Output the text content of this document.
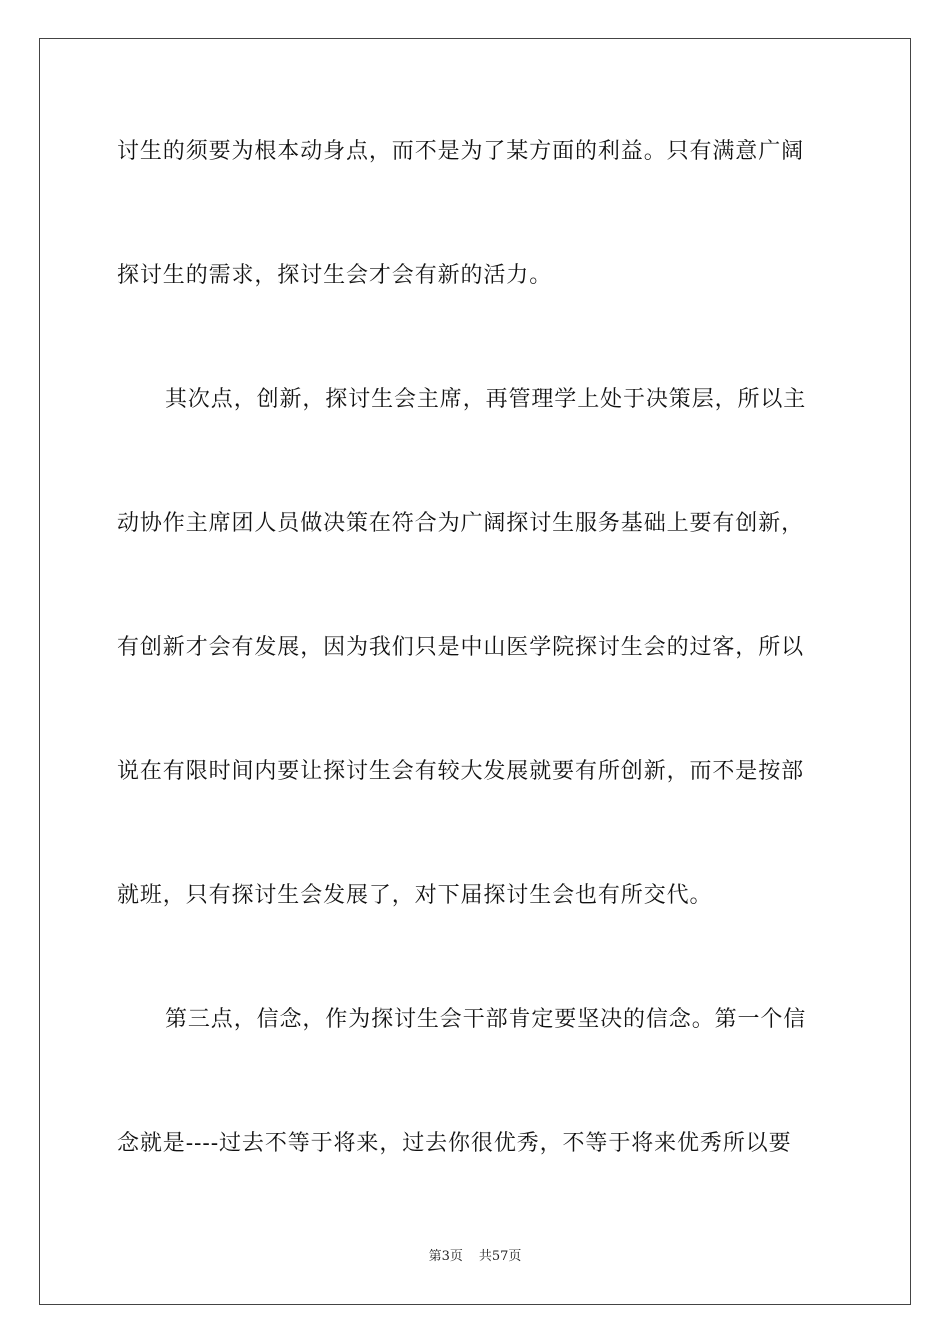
讨生的须要为根本动身点，而不是为了某方面的利益。只有满意广阔
探讨生的需求，探讨生会才会有新的活力。
其次点，创新，探讨生会主席，再管理学上处于决策层，所以主
动协作主席团人员做决策在符合为广阔探讨生服务基础上要有创新，
有创新才会有发展，因为我们只是中山医学院探讨生会的过客，所以
说在有限时间内要让探讨生会有较大发展就要有所创新，而不是按部
就班，只有探讨生会发展了，对下届探讨生会也有所交代。
第三点，信念，作为探讨生会干部肯定要坚决的信念。第一个信
念就是----过去不等于将来，过去你很优秀，不等于将来优秀所以要
第3页 共57页
